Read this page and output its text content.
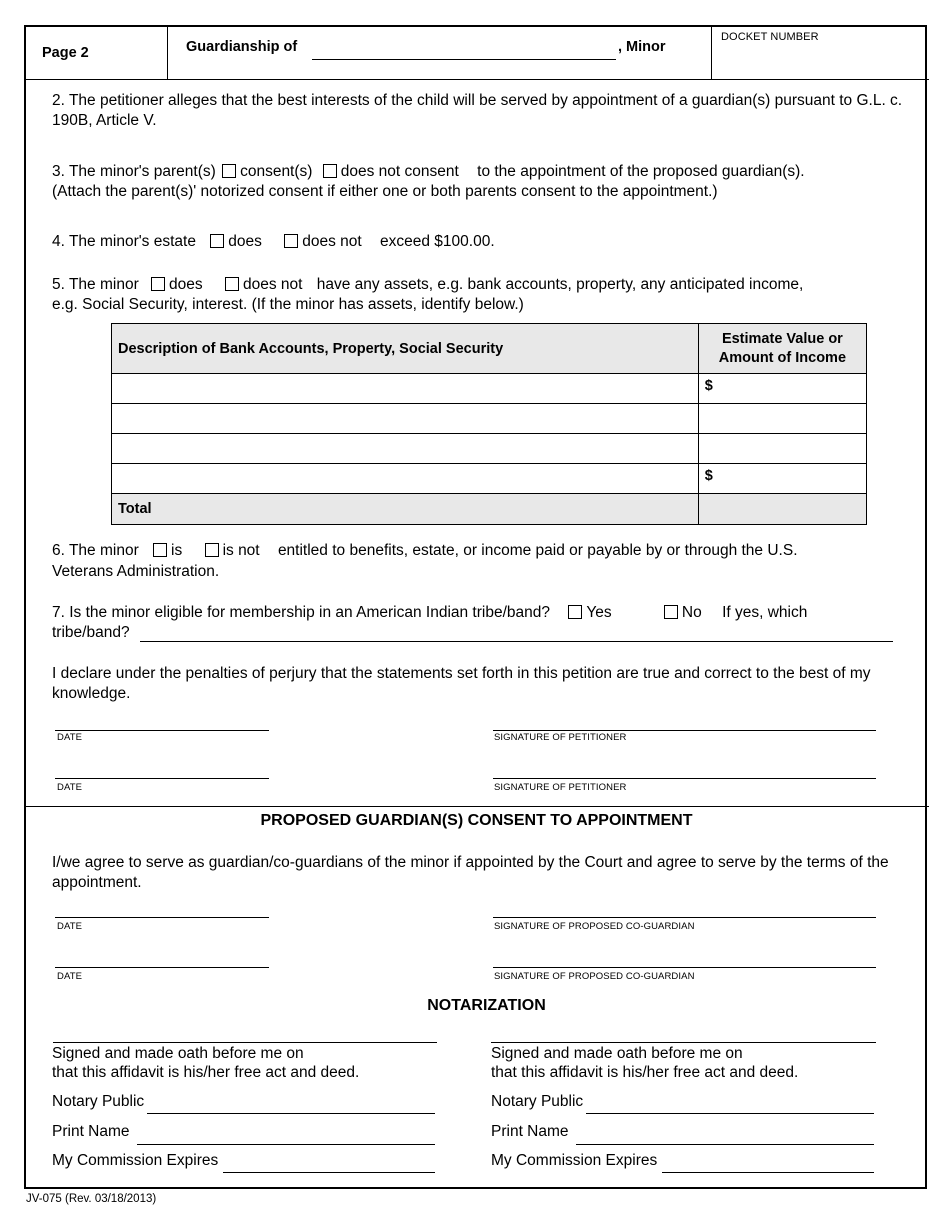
Page 2	Guardianship of	, Minor
DOCKET NUMBER
2. The petitioner alleges that the best interests of the child will be served by appointment of a guardian(s) pursuant to G.L. c. 190B, Article V.
3. The minor's parent(s) consent(s) does not consent to the appointment of the proposed guardian(s).
(Attach the parent(s)' notorized consent if either one or both parents consent to the appointment.)
4. The minor's estate does	does not exceed $100.00.
5. The minor does	does not have any assets, e.g. bank accounts, property, any anticipated income,
e.g. Social Security, interest. (If the minor has assets, identify below.)
Description of Bank Accounts, Property, Social Security	Estimate Value or Amount of Income
	$

	$
Total	
6. The minor is	is not entitled to benefits, estate, or income paid or payable by or through the U.S.
Veterans Administration.
7. Is the minor eligible for membership in an American Indian tribe/band? Yes	No If yes, which
tribe/band?
I declare under the penalties of perjury that the statements set forth in this petition are true and correct to the best of my knowledge.
DATE	SIGNATURE OF PETITIONER
DATE	SIGNATURE OF PETITIONER
PROPOSED GUARDIAN(S) CONSENT TO APPOINTMENT
I/we agree to serve as guardian/co-guardians of the minor if appointed by the Court and agree to serve by the terms of the appointment.
DATE	SIGNATURE OF PROPOSED CO-GUARDIAN
DATE	SIGNATURE OF PROPOSED CO-GUARDIAN
NOTARIZATION
Signed and made oath before me on
that this affidavit is his/her free act and deed.
Notary Public
Print Name
My Commission Expires
Signed and made oath before me on
that this affidavit is his/her free act and deed.
Notary Public
Print Name
My Commission Expires
JV-075 (Rev. 03/18/2013)
